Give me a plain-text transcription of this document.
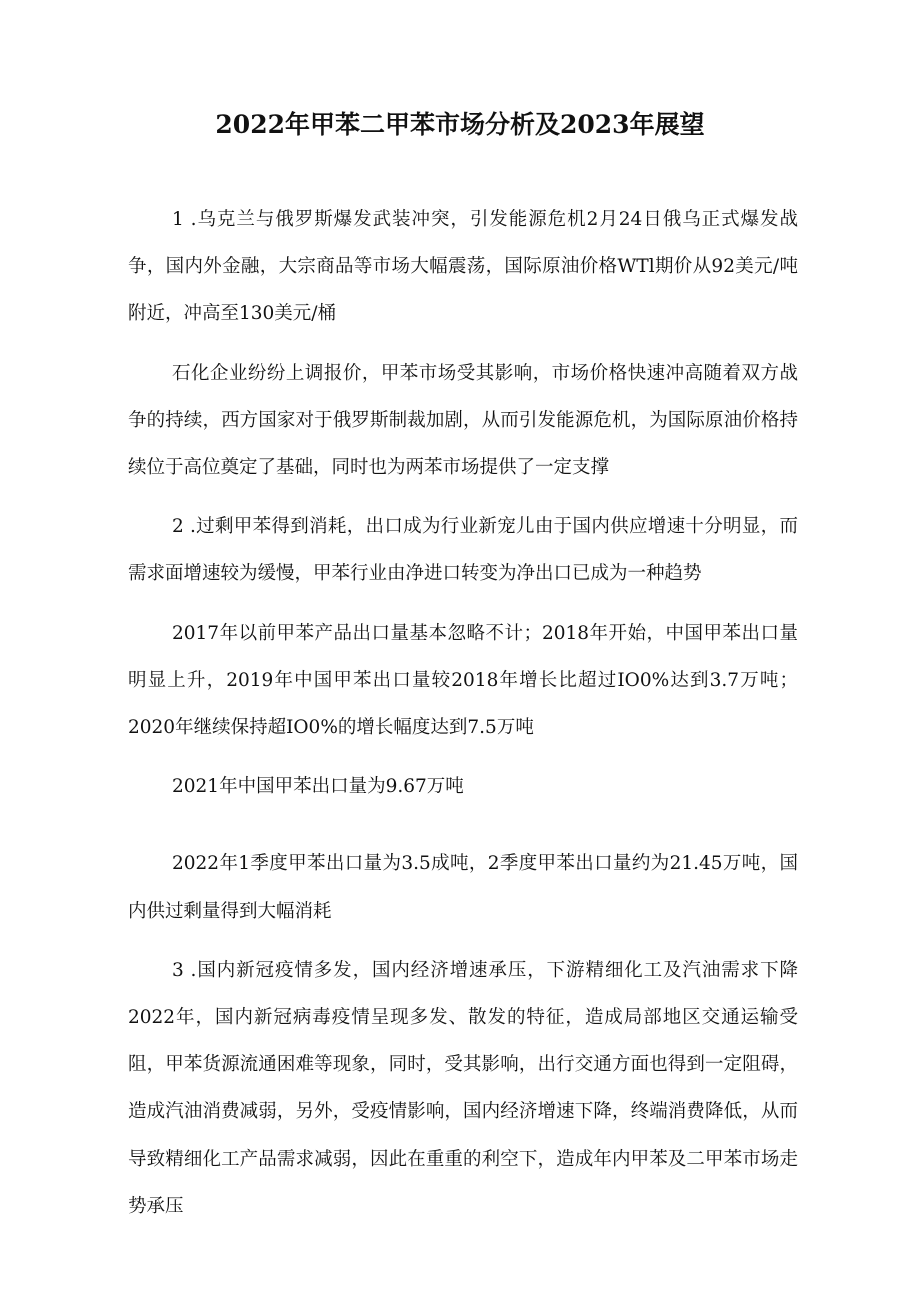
2022年甲苯二甲苯市场分析及2023年展望

1 .乌克兰与俄罗斯爆发武装冲突，引发能源危机2月24日俄乌正式爆发战争，国内外金融，大宗商品等市场大幅震荡，国际原油价格WTl期价从92美元/吨附近，冲高至130美元/桶

石化企业纷纷上调报价，甲苯市场受其影响，市场价格快速冲高随着双方战争的持续，西方国家对于俄罗斯制裁加剧，从而引发能源危机，为国际原油价格持续位于高位奠定了基础，同时也为两苯市场提供了一定支撑

2 .过剩甲苯得到消耗，出口成为行业新宠儿由于国内供应增速十分明显，而需求面增速较为缓慢，甲苯行业由净进口转变为净出口已成为一种趋势

2017年以前甲苯产品出口量基本忽略不计；2018年开始，中国甲苯出口量明显上升，2019年中国甲苯出口量较2018年增长比超过IO0%达到3.7万吨；2020年继续保持超IO0%的增长幅度达到7.5万吨

2021年中国甲苯出口量为9.67万吨

2022年1季度甲苯出口量为3.5成吨，2季度甲苯出口量约为21.45万吨，国内供过剩量得到大幅消耗

3 .国内新冠疫情多发，国内经济增速承压，下游精细化工及汽油需求下降2022年，国内新冠病毒疫情呈现多发、散发的特征，造成局部地区交通运输受阻，甲苯货源流通困难等现象，同时，受其影响，出行交通方面也得到一定阻碍，造成汽油消费减弱，另外，受疫情影响，国内经济增速下降，终端消费降低，从而导致精细化工产品需求减弱，因此在重重的利空下，造成年内甲苯及二甲苯市场走势承压
